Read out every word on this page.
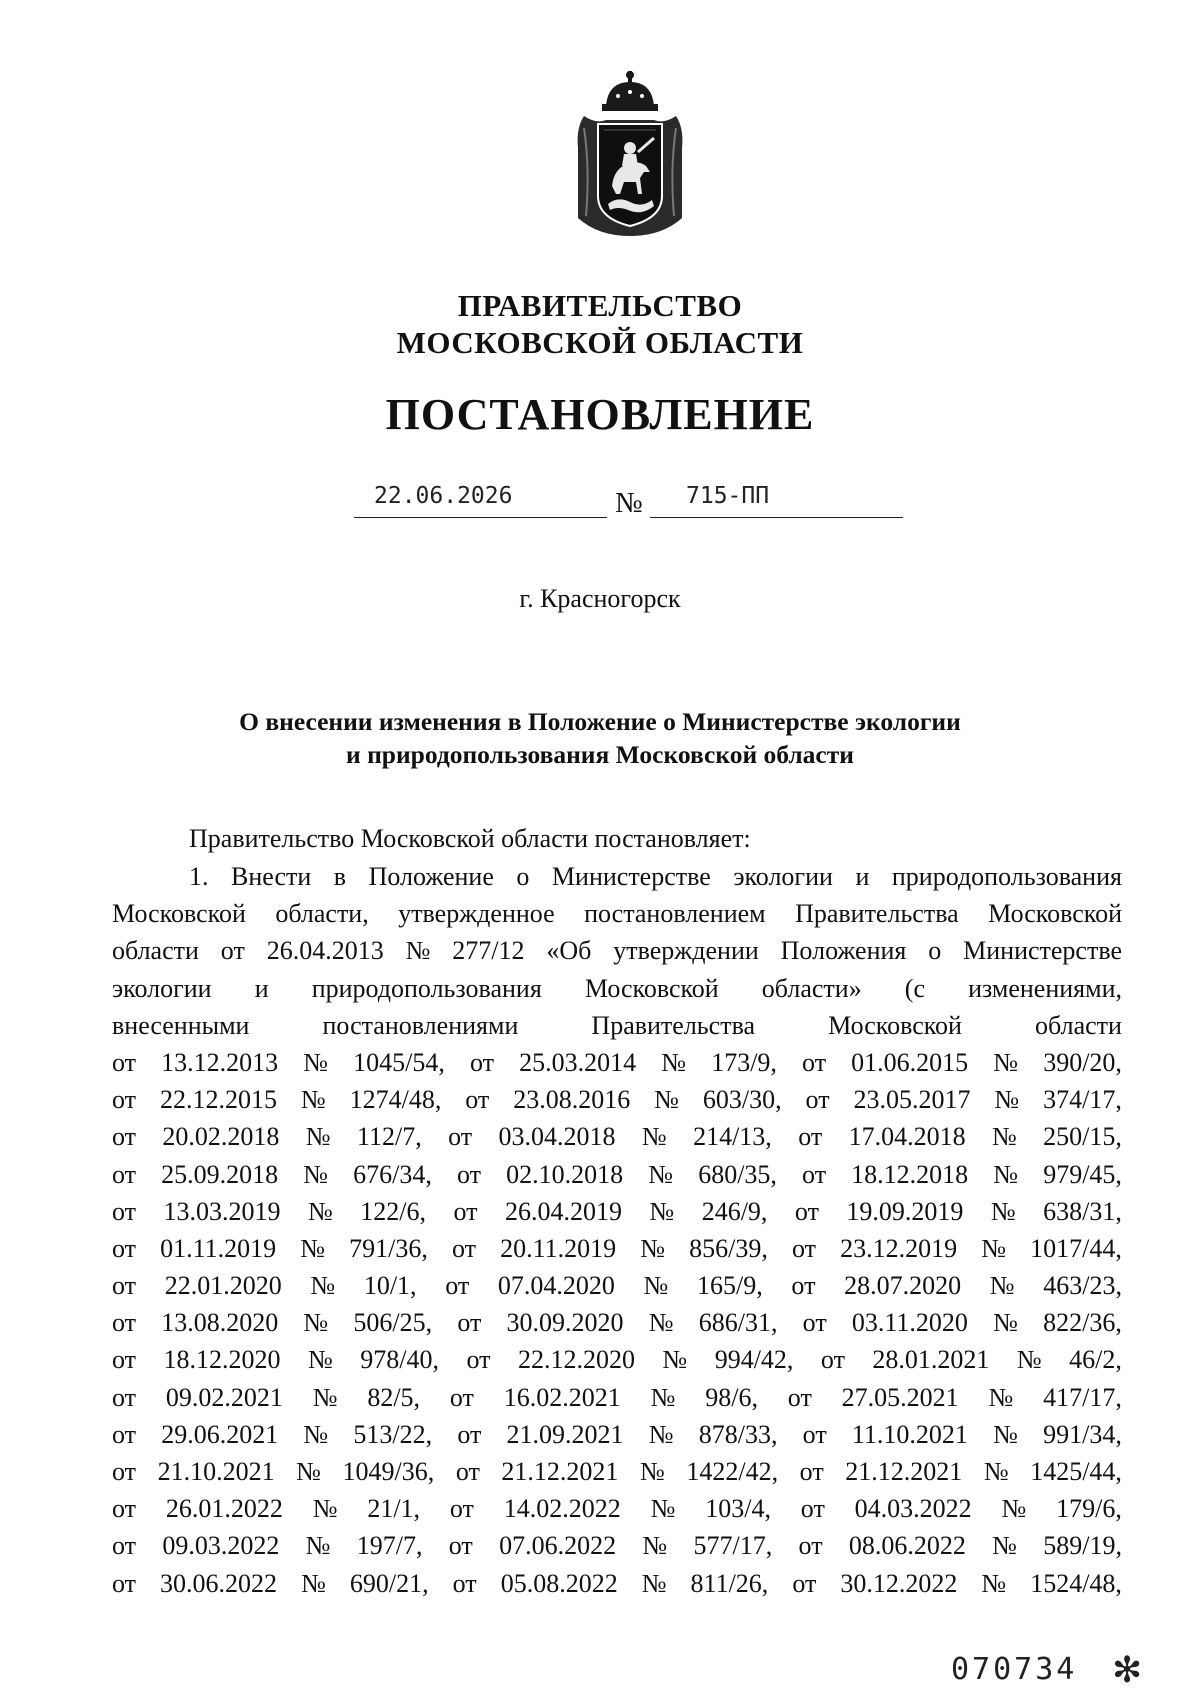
ПРАВИТЕЛЬСТВО
МОСКОВСКОЙ ОБЛАСТИ
ПОСТАНОВЛЕНИЕ
22.06.2026	№ 715-ПП
г. Красногорск
О внесении изменения в Положение о Министерстве экологии
и природопользования Московской области
Правительство Московской области постановляет:
1. Внести в Положение о Министерстве экологии и природопользования
Московской области, утвержденное постановлением Правительства Московской
области от 26.04.2013 № 277/12 «Об утверждении Положения о Министерстве
экологии и природопользования Московской области» (с изменениями,
внесенными	постановлениями	Правительства	Московской	области
от 13.12.2013 № 1045/54, от 25.03.2014 № 173/9, от 01.06.2015 № 390/20,
от 22.12.2015 № 1274/48, от 23.08.2016 № 603/30, от 23.05.2017 № 374/17,
от 20.02.2018 № 112/7, от 03.04.2018 № 214/13, от 17.04.2018 № 250/15,
от 25.09.2018 № 676/34, от 02.10.2018 № 680/35, от 18.12.2018 № 979/45,
от 13.03.2019 № 122/6, от 26.04.2019 № 246/9, от 19.09.2019 № 638/31,
от 01.11.2019 № 791/36, от 20.11.2019 № 856/39, от 23.12.2019 № 1017/44,
от 22.01.2020 № 10/1, от 07.04.2020 № 165/9, от 28.07.2020 № 463/23,
от 13.08.2020 № 506/25, от 30.09.2020 № 686/31, от 03.11.2020 № 822/36,
от 18.12.2020 № 978/40, от 22.12.2020 № 994/42, от 28.01.2021 № 46/2,
от 09.02.2021 № 82/5, от 16.02.2021 № 98/6, от 27.05.2021 № 417/17,
от 29.06.2021 № 513/22, от 21.09.2021 № 878/33, от 11.10.2021 № 991/34,
от 21.10.2021 № 1049/36, от 21.12.2021 № 1422/42, от 21.12.2021 № 1425/44,
от 26.01.2022 № 21/1, от 14.02.2022 № 103/4, от 04.03.2022 № 179/6,
от 09.03.2022 № 197/7, от 07.06.2022 № 577/17, от 08.06.2022 № 589/19,
от 30.06.2022 № 690/21, от 05.08.2022 № 811/26, от 30.12.2022 № 1524/48,
070734 ✻
